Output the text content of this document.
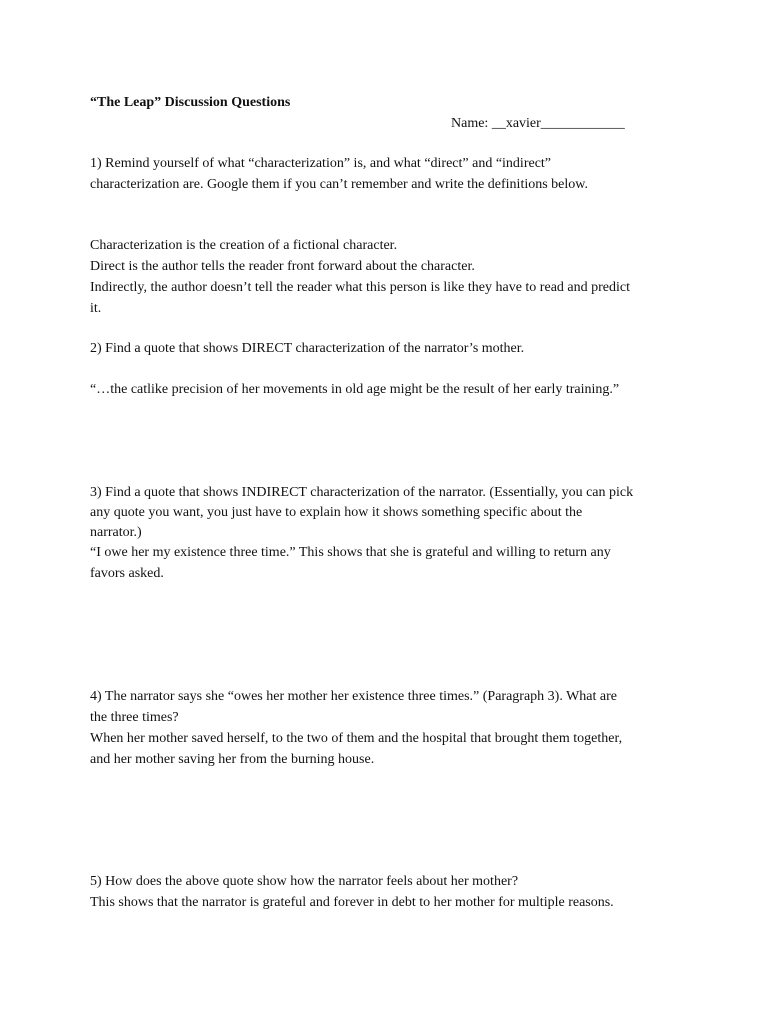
“The Leap” Discussion Questions
Name: __xavier____________
1) Remind yourself of what “characterization” is, and what “direct” and “indirect”
characterization are. Google them if you can’t remember and write the definitions below.
Characterization is the creation of a fictional character.
Direct is the author tells the reader front forward about the character.
Indirectly, the author doesn’t tell the reader what this person is like they have to read and predict
it.
2) Find a quote that shows DIRECT characterization of the narrator’s mother.
“…the catlike precision of her movements in old age might be the result of her early training.”
3) Find a quote that shows INDIRECT characterization of the narrator. (Essentially, you can pick
any quote you want, you just have to explain how it shows something specific about the
narrator.)
“I owe her my existence three time.” This shows that she is grateful and willing to return any
favors asked.
4) The narrator says she “owes her mother her existence three times.” (Paragraph 3). What are
the three times?
When her mother saved herself, to the two of them and the hospital that brought them together,
and her mother saving her from the burning house.
5) How does the above quote show how the narrator feels about her mother?
This shows that the narrator is grateful and forever in debt to her mother for multiple reasons.
